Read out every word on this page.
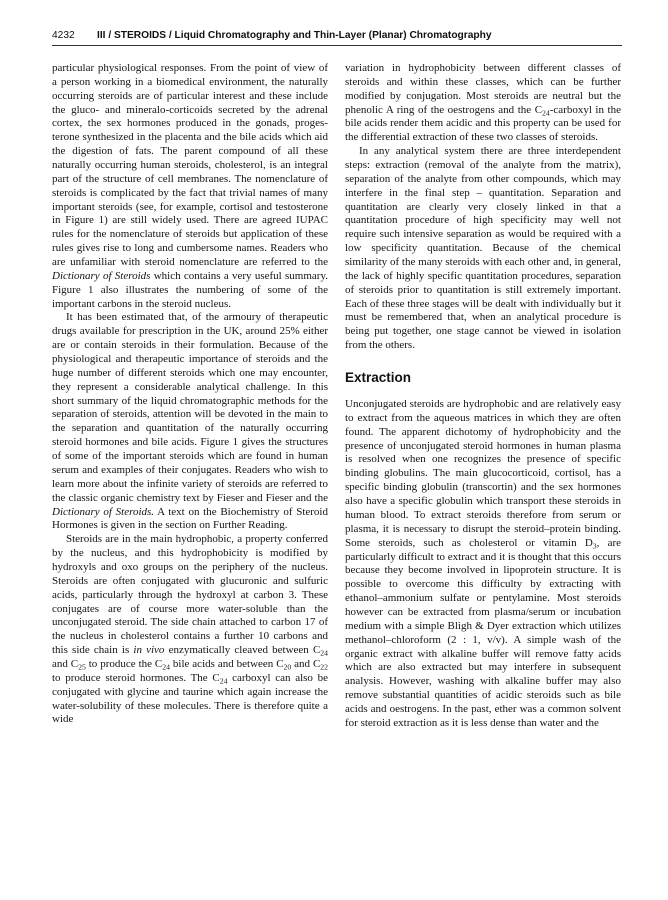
4232 III / STEROIDS / Liquid Chromatography and Thin-Layer (Planar) Chromatography

particular physiological responses. From the point of view of a person working in a biomedical environment, the naturally occurring steroids are of particular interest and these include the gluco- and mineralo-corticoids secreted by the adrenal cortex, the sex hormones produced in the gonads, progesterone synthesized in the placenta and the bile acids which aid the digestion of fats. The parent compound of all these naturally occurring human steroids, cholesterol, is an integral part of the structure of cell membranes. The nomenclature of steroids is complicated by the fact that trivial names of many important steroids (see, for example, cortisol and testosterone in Figure 1) are still widely used. There are agreed IUPAC rules for the nomenclature of steroids but application of these rules gives rise to long and cumbersome names. Readers who are unfamiliar with steroid nomenclature are referred to the Dictionary of Steroids which contains a very useful summary. Figure 1 also illustrates the numbering of some of the important carbons in the steroid nucleus.

It has been estimated that, of the armoury of therapeutic drugs available for prescription in the UK, around 25% either are or contain steroids in their formulation. Because of the physiological and therapeutic importance of steroids and the huge number of different steroids which one may encounter, they represent a considerable analytical challenge. In this short summary of the liquid chromatographic methods for the separation of steroids, attention will be devoted in the main to the separation and quantitation of the naturally occurring steroid hormones and bile acids. Figure 1 gives the structures of some of the important steroids which are found in human serum and examples of their conjugates. Readers who wish to learn more about the infinite variety of steroids are referred to the classic organic chemistry text by Fieser and Fieser and the Dictionary of Steroids. A text on the Biochemistry of Steroid Hormones is given in the section on Further Reading.

Steroids are in the main hydrophobic, a property conferred by the nucleus, and this hydrophobicity is modified by hydroxyls and oxo groups on the periphery of the nucleus. Steroids are often conjugated with glucuronic and sulfuric acids, particularly through the hydroxyl at carbon 3. These conjugates are of course more water-soluble than the unconjugated steroid. The side chain attached to carbon 17 of the nucleus in cholesterol contains a further 10 carbons and this side chain is in vivo enzymatically cleaved between $C_{24}$ and $C_{25}$ to produce the $C_{24}$ bile acids and between $C_{20}$ and $C_{22}$ to produce steroid hormones. The $C_{24}$ carboxyl can also be conjugated with glycine and taurine which again increase the water-solubility of these molecules. There is therefore quite a wide

variation in hydrophobicity between different classes of steroids and within these classes, which can be further modified by conjugation. Most steroids are neutral but the phenolic A ring of the oestrogens and the $C_{24}$-carboxyl in the bile acids render them acidic and this property can be used for the differential extraction of these two classes of steroids.

In any analytical system there are three interdependent steps: extraction (removal of the analyte from the matrix), separation of the analyte from other compounds, which may interfere in the final step – quantitation. Separation and quantitation are clearly very closely linked in that a quantitation procedure of high specificity may well not require such intensive separation as would be required with a low specificity quantitation. Because of the chemical similarity of the many steroids with each other and, in general, the lack of highly specific quantitation procedures, separation of steroids prior to quantitation is still extremely important. Each of these three stages will be dealt with individually but it must be remembered that, when an analytical procedure is being put together, one stage cannot be viewed in isolation from the others.

Extraction

Unconjugated steroids are hydrophobic and are relatively easy to extract from the aqueous matrices in which they are often found. The apparent dichotomy of hydrophobicity and the presence of unconjugated steroid hormones in human plasma is resolved when one recognizes the presence of specific binding globulins. The main glucocorticoid, cortisol, has a specific binding globulin (transcortin) and the sex hormones also have a specific globulin which transport these steroids in human blood. To extract steroids therefore from serum or plasma, it is necessary to disrupt the steroid–protein binding. Some steroids, such as cholesterol or vitamin $D_3$, are particularly difficult to extract and it is thought that this occurs because they become involved in lipoprotein structure. It is possible to overcome this difficulty by extracting with ethanol–ammonium sulfate or pentylamine. Most steroids however can be extracted from plasma/serum or incubation medium with a simple Bligh & Dyer extraction which utilizes methanol–chloroform (2 : 1, v/v). A simple wash of the organic extract with alkaline buffer will remove fatty acids which are also extracted but may interfere in subsequent analysis. However, washing with alkaline buffer may also remove substantial quantities of acidic steroids such as bile acids and oestrogens. In the past, ether was a common solvent for steroid extraction as it is less dense than water and the
